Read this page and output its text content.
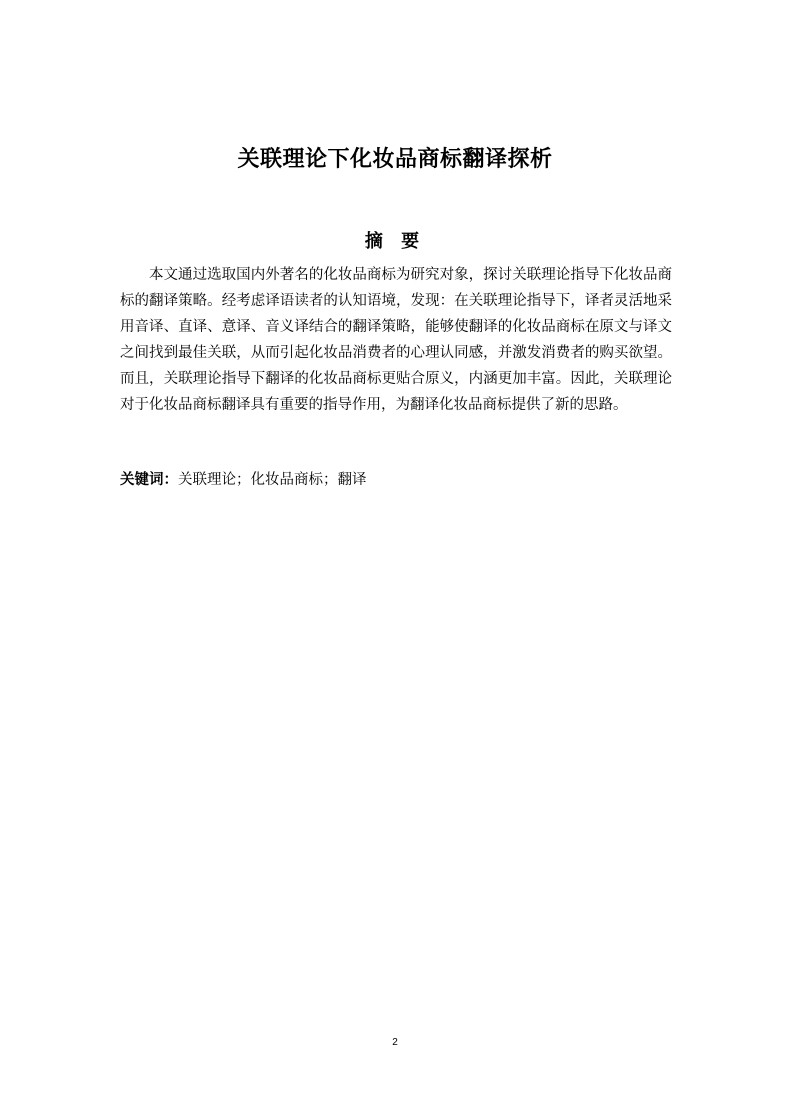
关联理论下化妆品商标翻译探析
摘 要

本文通过选取国内外著名的化妆品商标为研究对象，探讨关联理论指导下化妆品商标的翻译策略。经考虑译语读者的认知语境，发现：在关联理论指导下，译者灵活地采用音译、直译、意译、音义译结合的翻译策略，能够使翻译的化妆品商标在原文与译文之间找到最佳关联，从而引起化妆品消费者的心理认同感，并激发消费者的购买欲望。而且，关联理论指导下翻译的化妆品商标更贴合原义，内涵更加丰富。因此，关联理论对于化妆品商标翻译具有重要的指导作用，为翻译化妆品商标提供了新的思路。

关键词：关联理论；化妆品商标；翻译

2
